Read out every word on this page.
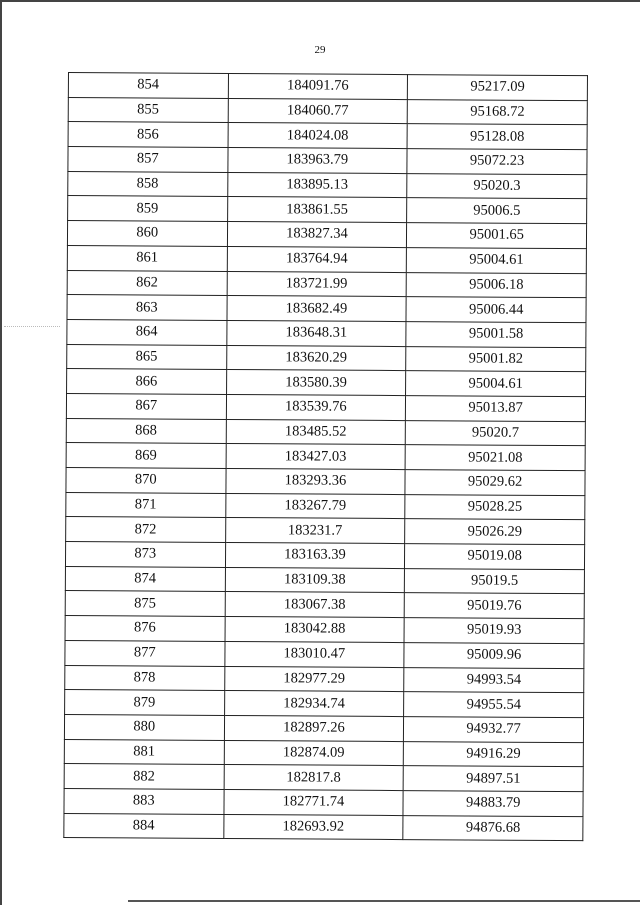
29
854	184091.76	95217.09
855	184060.77	95168.72
856	184024.08	95128.08
857	183963.79	95072.23
858	183895.13	95020.3
859	183861.55	95006.5
860	183827.34	95001.65
861	183764.94	95004.61
862	183721.99	95006.18
863	183682.49	95006.44
864	183648.31	95001.58
865	183620.29	95001.82
866	183580.39	95004.61
867	183539.76	95013.87
868	183485.52	95020.7
869	183427.03	95021.08
870	183293.36	95029.62
871	183267.79	95028.25
872	183231.7	95026.29
873	183163.39	95019.08
874	183109.38	95019.5
875	183067.38	95019.76
876	183042.88	95019.93
877	183010.47	95009.96
878	182977.29	94993.54
879	182934.74	94955.54
880	182897.26	94932.77
881	182874.09	94916.29
882	182817.8	94897.51
883	182771.74	94883.79
884	182693.92	94876.68
